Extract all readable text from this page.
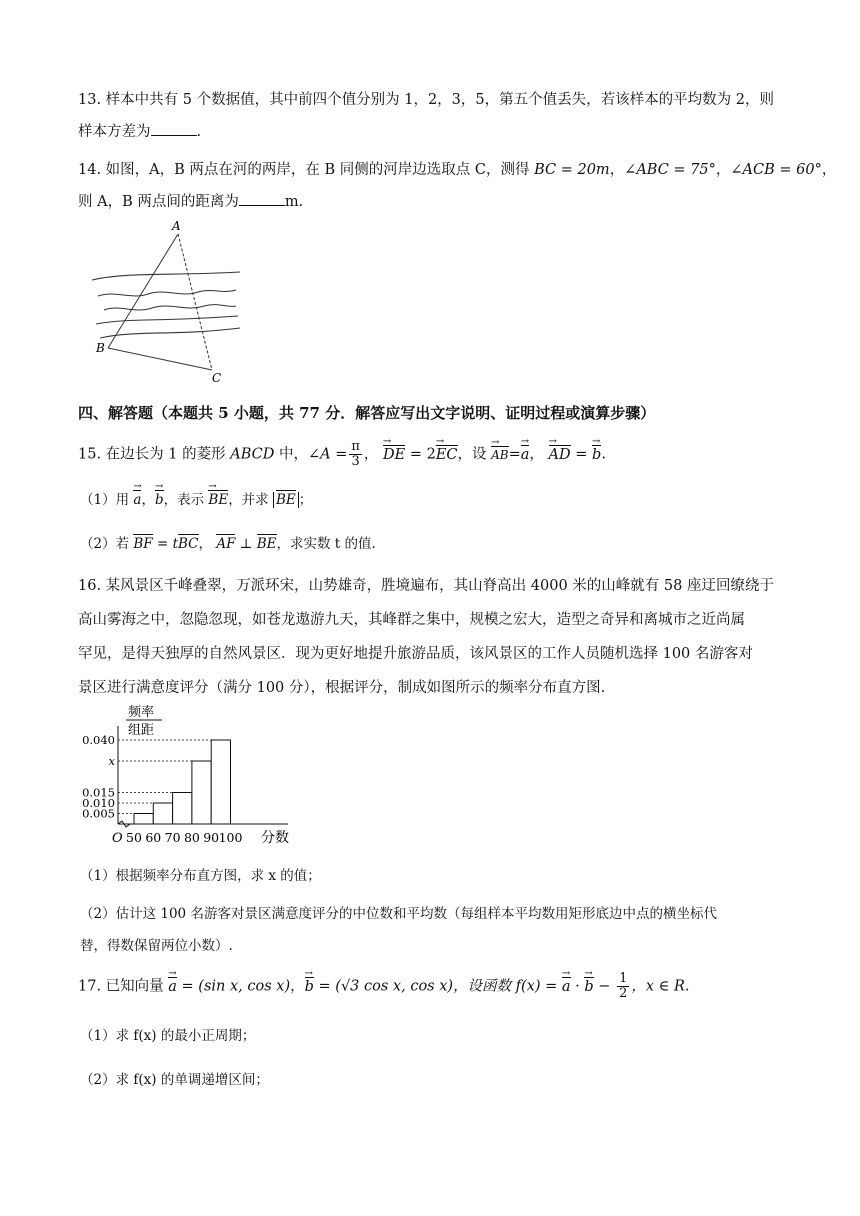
13. 样本中共有 5 个数据值，其中前四个值分别为 1，2，3，5，第五个值丢失，若该样本的平均数为 2，则
样本方差为	.
14. 如图，A，B 两点在河的两岸，在 B 同侧的河岸边选取点 C，测得 BC = 20m，∠ABC = 75°，∠ACB = 60°，
则 A，B 两点间的距离为	m.
A
B
C
四、解答题（本题共 5 小题，共 77 分．解答应写出文字说明、证明过程或演算步骤）
15. 在边长为 1 的菱形 ABCD 中，∠A = $\frac{\pi}{3}$ ， DE → = 2EC →，设 AB →=a →， AD → = b →.
（1）用 a →，b →，表示 BE →，并求 BE ；
（2）若 BF = tBC， AF ⊥ BE，求实数 t 的值.
16. 某风景区千峰叠翠，万派环宋，山势雄奇，胜境遍布，其山脊高出 4000 米的山峰就有 58 座迂回缭绕于
高山雾海之中，忽隐忽现，如苍龙遨游九天，其峰群之集中，规模之宏大，造型之奇异和离城市之近尚属
罕见，是得天独厚的自然风景区．现为更好地提升旅游品质，该风景区的工作人员随机选择 100 名游客对
景区进行满意度评分（满分 100 分），根据评分，制成如图所示的频率分布直方图.
频率
组距
0.040
x
0.015
0.010
0.005
50 60 70 80 90 100
O	分数
（1）根据频率分布直方图，求 x 的值；
（2）估计这 100 名游客对景区满意度评分的中位数和平均数（每组样本平均数用矩形底边中点的横坐标代
替，得数保留两位小数）.
17. 已知向量 a → = (sin x, cos x)，b → = (√3 cos x, cos x)，设函数 f(x) = a → · b → − $\frac{1}{2}$ ，x ∈ R.
（1）求 f(x) 的最小正周期；
（2）求 f(x) 的单调递增区间；
